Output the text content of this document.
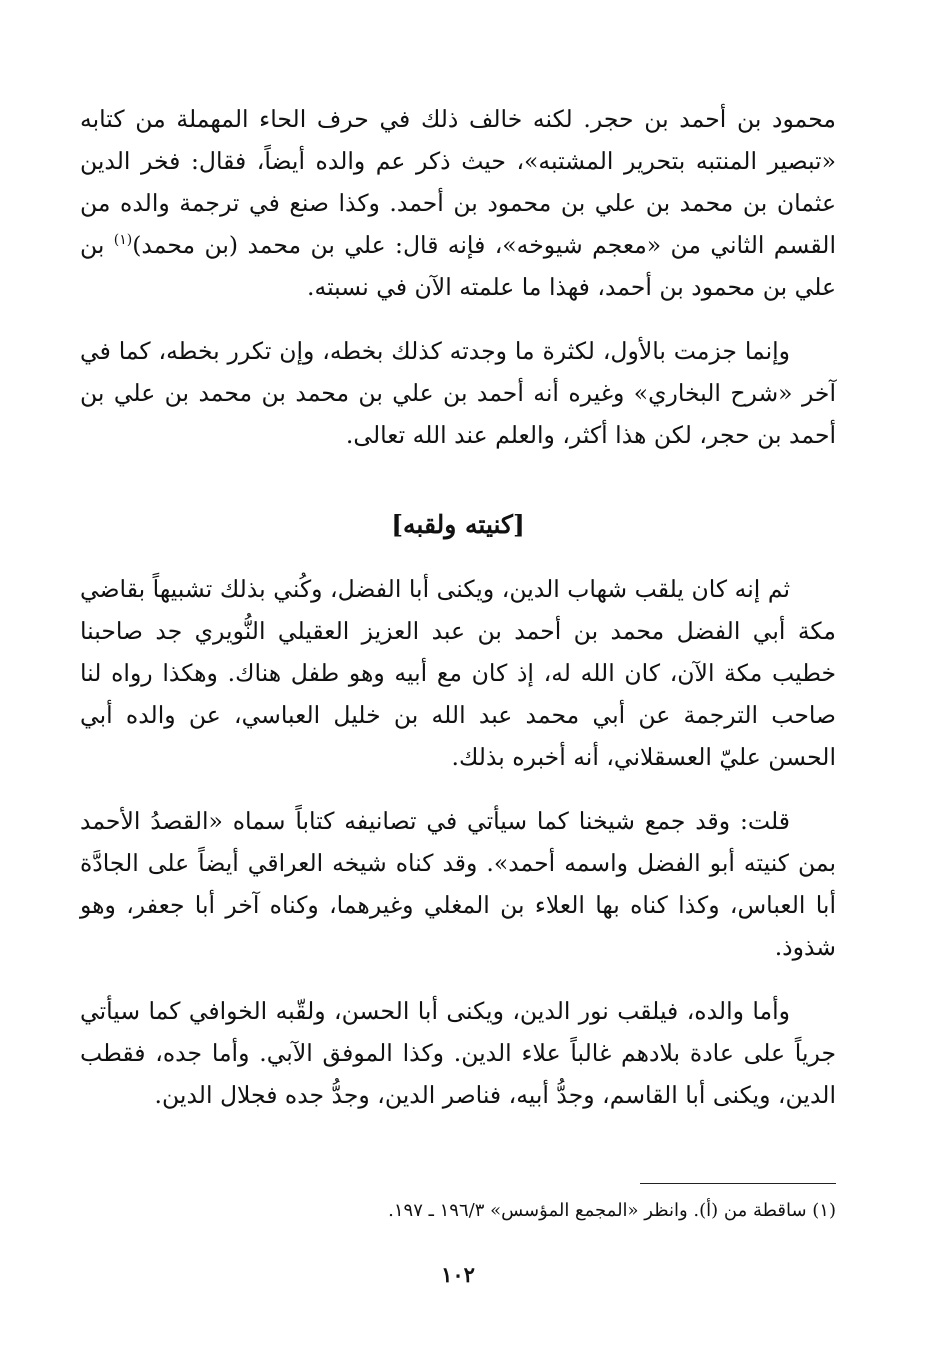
محمود بن أحمد بن حجر. لكنه خالف ذلك في حرف الحاء المهملة من كتابه «تبصير المنتبه بتحرير المشتبه»، حيث ذكر عم والده أيضاً، فقال: فخر الدين عثمان بن محمد بن علي بن محمود بن أحمد. وكذا صنع في ترجمة والده من القسم الثاني من «معجم شيوخه»، فإنه قال: علي بن محمد (بن محمد)$^{(١)}$ بن علي بن محمود بن أحمد، فهذا ما علمته الآن في نسبته.

وإنما جزمت بالأول، لكثرة ما وجدته كذلك بخطه، وإن تكرر بخطه، كما في آخر «شرح البخاري» وغيره أنه أحمد بن علي بن محمد بن محمد بن علي بن أحمد بن حجر، لكن هذا أكثر، والعلم عند الله تعالى.

[كنيته ولقبه]

ثم إنه كان يلقب شهاب الدين، ويكنى أبا الفضل، وكُني بذلك تشبيهاً بقاضي مكة أبي الفضل محمد بن أحمد بن عبد العزيز العقيلي النُّويري جد صاحبنا خطيب مكة الآن، كان الله له، إذ كان مع أبيه وهو طفل هناك. وهكذا رواه لنا صاحب الترجمة عن أبي محمد عبد الله بن خليل العباسي، عن والده أبي الحسن عليّ العسقلاني، أنه أخبره بذلك.

قلت: وقد جمع شيخنا كما سيأتي في تصانيفه كتاباً سماه «القصدُ الأحمد بمن كنيته أبو الفضل واسمه أحمد». وقد كناه شيخه العراقي أيضاً على الجادَّة أبا العباس، وكذا كناه بها العلاء بن المغلي وغيرهما، وكناه آخر أبا جعفر، وهو شذوذ.

وأما والده، فيلقب نور الدين، ويكنى أبا الحسن، ولقّبه الخوافي كما سيأتي جرياً على عادة بلادهم غالباً علاء الدين. وكذا الموفق الآبي. وأما جده، فقطب الدين، ويكنى أبا القاسم، وجدُّ أبيه، فناصر الدين، وجدُّ جده فجلال الدين.

(١) ساقطة من (أ). وانظر «المجمع المؤسس» ١٩٦/٣ ـ ١٩٧.
١٠٢
